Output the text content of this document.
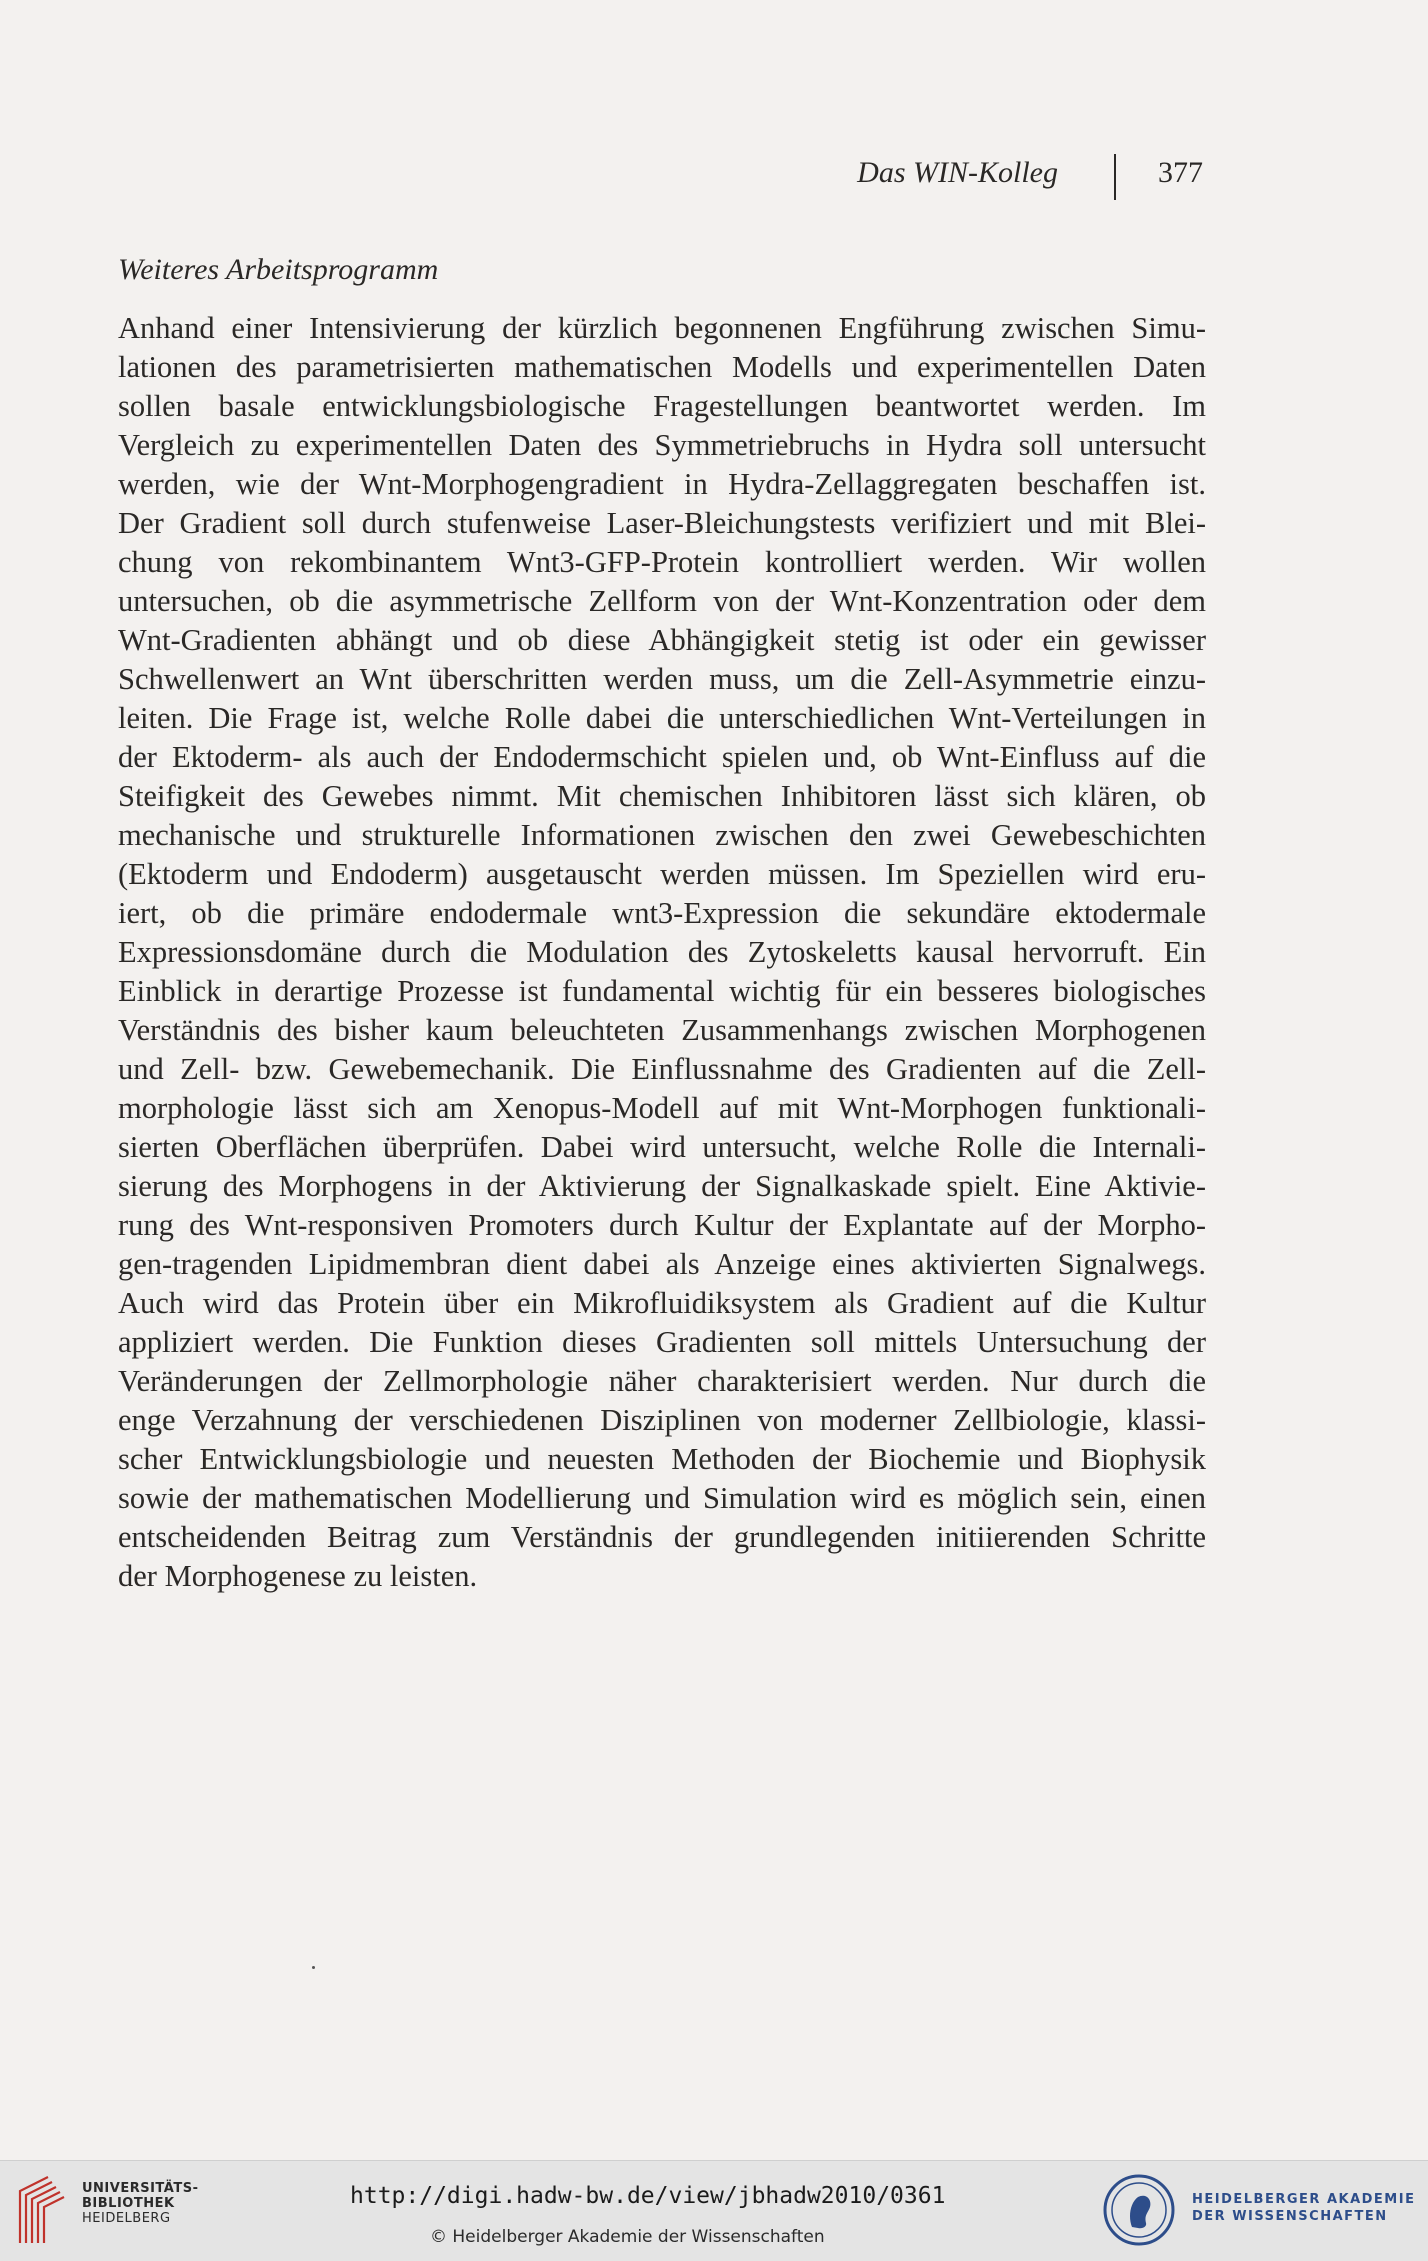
Das WIN-Kolleg	377
Weiteres Arbeitsprogramm
Anhand einer Intensivierung der kürzlich begonnenen Engführung zwischen Simu-
lationen des parametrisierten mathematischen Modells und experimentellen Daten
sollen basale entwicklungsbiologische Fragestellungen beantwortet werden. Im
Vergleich zu experimentellen Daten des Symmetriebruchs in Hydra soll untersucht
werden, wie der Wnt-Morphogengradient in Hydra-Zellaggregaten beschaffen ist.
Der Gradient soll durch stufenweise Laser-Bleichungstests verifiziert und mit Blei-
chung von rekombinantem Wnt3-GFP-Protein kontrolliert werden. Wir wollen
untersuchen, ob die asymmetrische Zellform von der Wnt-Konzentration oder dem
Wnt-Gradienten abhängt und ob diese Abhängigkeit stetig ist oder ein gewisser
Schwellenwert an Wnt überschritten werden muss, um die Zell-Asymmetrie einzu-
leiten. Die Frage ist, welche Rolle dabei die unterschiedlichen Wnt-Verteilungen in
der Ektoderm- als auch der Endodermschicht spielen und, ob Wnt-Einfluss auf die
Steifigkeit des Gewebes nimmt. Mit chemischen Inhibitoren lässt sich klären, ob
mechanische und strukturelle Informationen zwischen den zwei Gewebeschichten
(Ektoderm und Endoderm) ausgetauscht werden müssen. Im Speziellen wird eru-
iert, ob die primäre endodermale wnt3-Expression die sekundäre ektodermale
Expressionsdomäne durch die Modulation des Zytoskeletts kausal hervorruft. Ein
Einblick in derartige Prozesse ist fundamental wichtig für ein besseres biologisches
Verständnis des bisher kaum beleuchteten Zusammenhangs zwischen Morphogenen
und Zell- bzw. Gewebemechanik. Die Einflussnahme des Gradienten auf die Zell-
morphologie lässt sich am Xenopus-Modell auf mit Wnt-Morphogen funktionali-
sierten Oberflächen überprüfen. Dabei wird untersucht, welche Rolle die Internali-
sierung des Morphogens in der Aktivierung der Signalkaskade spielt. Eine Aktivie-
rung des Wnt-responsiven Promoters durch Kultur der Explantate auf der Morpho-
gen-tragenden Lipidmembran dient dabei als Anzeige eines aktivierten Signalwegs.
Auch wird das Protein über ein Mikrofluidiksystem als Gradient auf die Kultur
appliziert werden. Die Funktion dieses Gradienten soll mittels Untersuchung der
Veränderungen der Zellmorphologie näher charakterisiert werden. Nur durch die
enge Verzahnung der verschiedenen Disziplinen von moderner Zellbiologie, klassi-
scher Entwicklungsbiologie und neuesten Methoden der Biochemie und Biophysik
sowie der mathematischen Modellierung und Simulation wird es möglich sein, einen
entscheidenden Beitrag zum Verständnis der grundlegenden initiierenden Schritte
der Morphogenese zu leisten.
UNIVERSITÄTS-
BIBLIOTHEK
HEIDELBERG
http://digi.hadw-bw.de/view/jbhadw2010/0361
© Heidelberger Akademie der Wissenschaften
HEIDELBERGER AKADEMIE
DER WISSENSCHAFTEN
